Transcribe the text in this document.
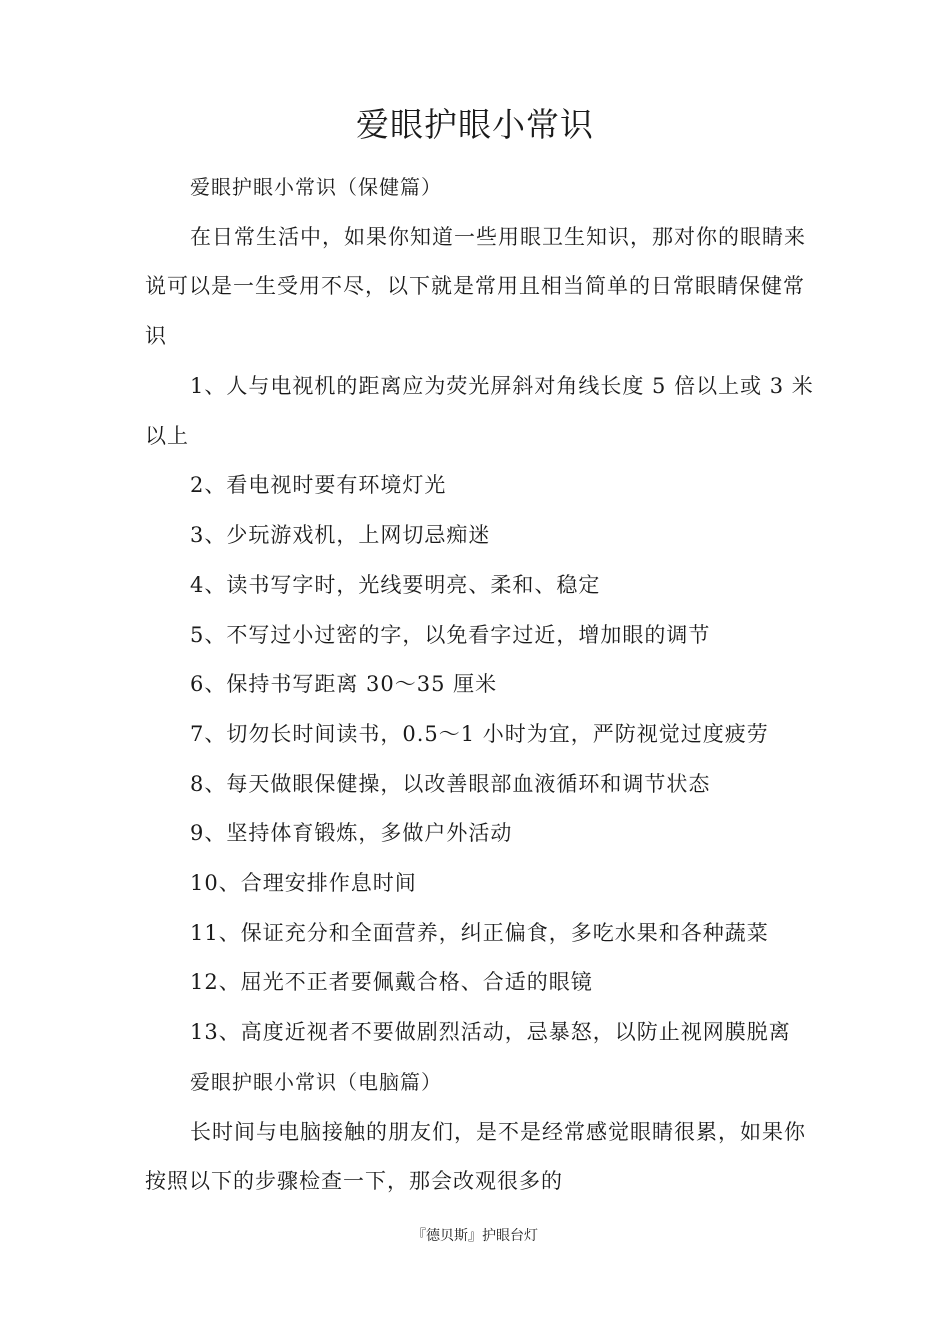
爱眼护眼小常识
爱眼护眼小常识（保健篇）
在日常生活中，如果你知道一些用眼卫生知识，那对你的眼睛来
说可以是一生受用不尽，以下就是常用且相当简单的日常眼睛保健常
识
1、人与电视机的距离应为荧光屏斜对角线长度 5 倍以上或 3 米
以上
2、看电视时要有环境灯光
3、少玩游戏机，上网切忌痴迷
4、读书写字时，光线要明亮、柔和、稳定
5、不写过小过密的字，以免看字过近，增加眼的调节
6、保持书写距离 30～35 厘米
7、切勿长时间读书，0.5～1 小时为宜，严防视觉过度疲劳
8、每天做眼保健操，以改善眼部血液循环和调节状态
9、坚持体育锻炼，多做户外活动
10、合理安排作息时间
11、保证充分和全面营养，纠正偏食，多吃水果和各种蔬菜
12、屈光不正者要佩戴合格、合适的眼镜
13、高度近视者不要做剧烈活动，忌暴怒，以防止视网膜脱离
爱眼护眼小常识（电脑篇）
长时间与电脑接触的朋友们，是不是经常感觉眼睛很累，如果你
按照以下的步骤检查一下，那会改观很多的
『德贝斯』护眼台灯
